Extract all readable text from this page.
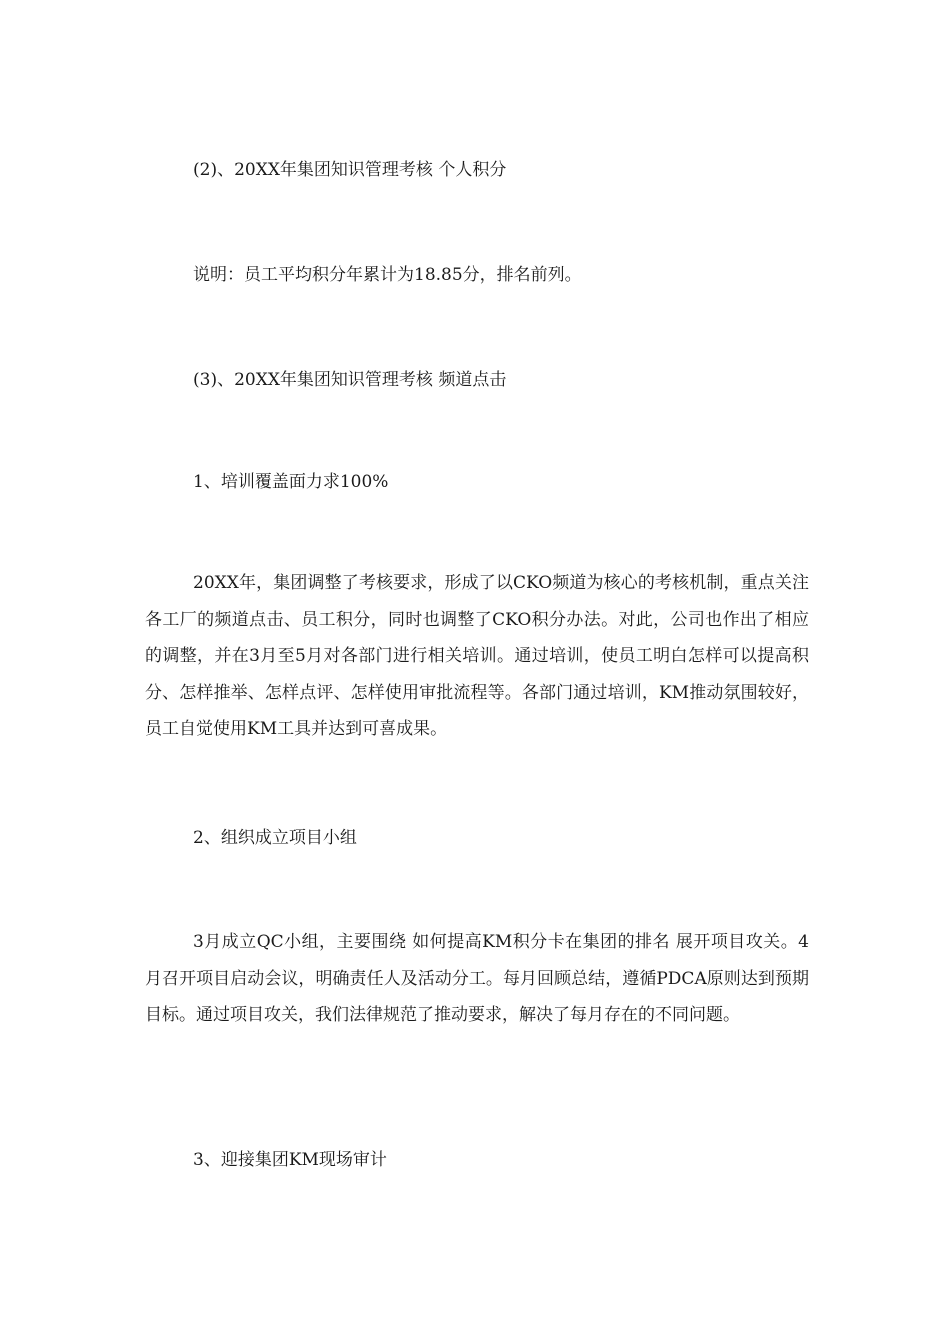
(2)、20XX年集团知识管理考核 个人积分
说明：员工平均积分年累计为18.85分，排名前列。
(3)、20XX年集团知识管理考核 频道点击
1、培训覆盖面力求100%

20XX年，集团调整了考核要求，形成了以CKO频道为核心的考核机制，重点关注各工厂的频道点击、员工积分，同时也调整了CKO积分办法。对此，公司也作出了相应的调整，并在3月至5月对各部门进行相关培训。通过培训，使员工明白怎样可以提高积分、怎样推举、怎样点评、怎样使用审批流程等。各部门通过培训，KM推动氛围较好，员工自觉使用KM工具并达到可喜成果。

2、组织成立项目小组

3月成立QC小组，主要围绕 如何提高KM积分卡在集团的排名 展开项目攻关。4月召开项目启动会议，明确责任人及活动分工。每月回顾总结，遵循PDCA原则达到预期目标。通过项目攻关，我们法律规范了推动要求，解决了每月存在的不同问题。

3、迎接集团KM现场审计
